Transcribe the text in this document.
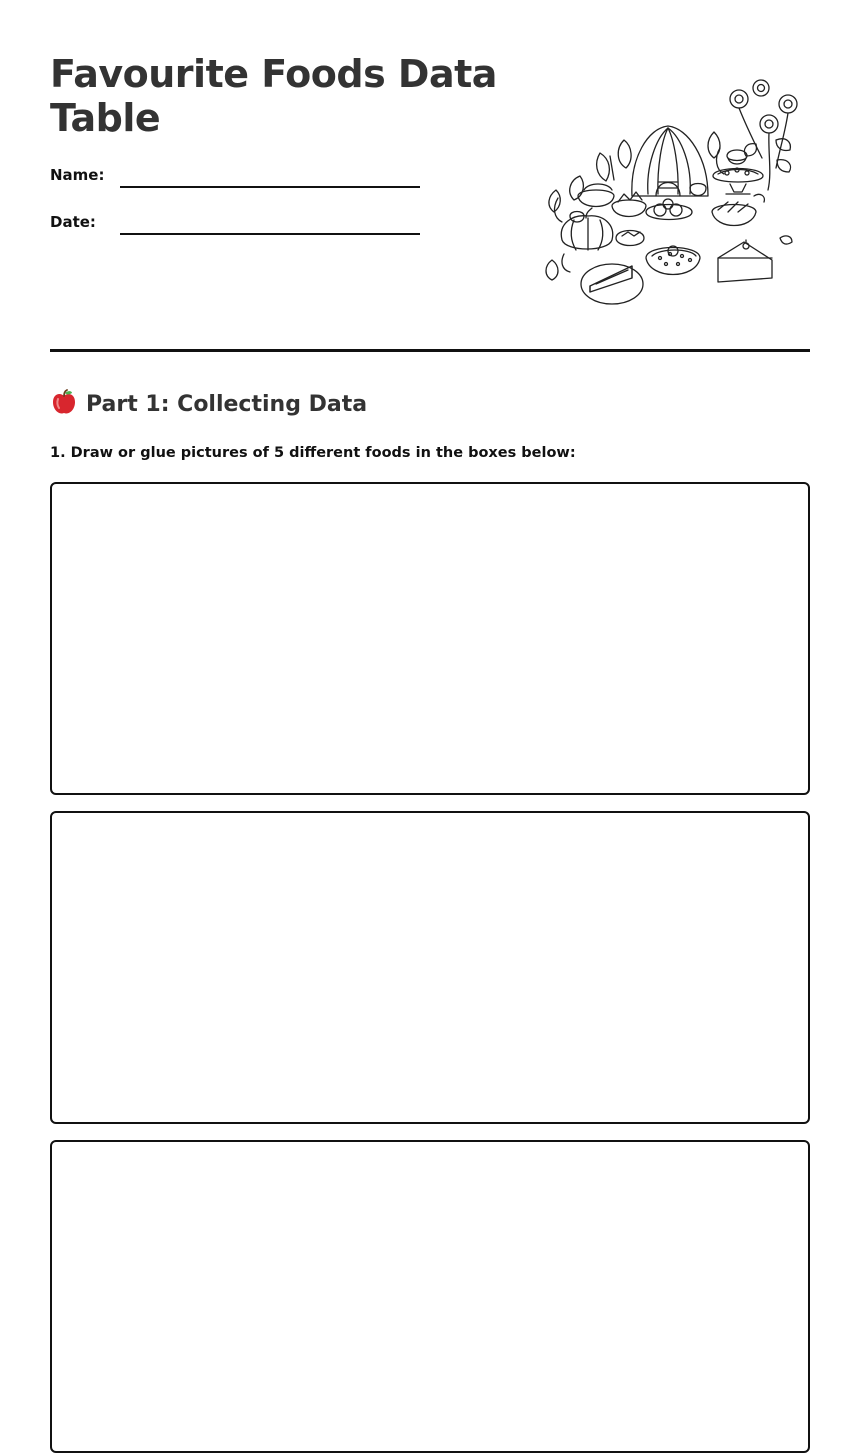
Favourite Foods Data Table
Name:
Date:
Part 1: Collecting Data

1. Draw or glue pictures of 5 different foods in the boxes below:
